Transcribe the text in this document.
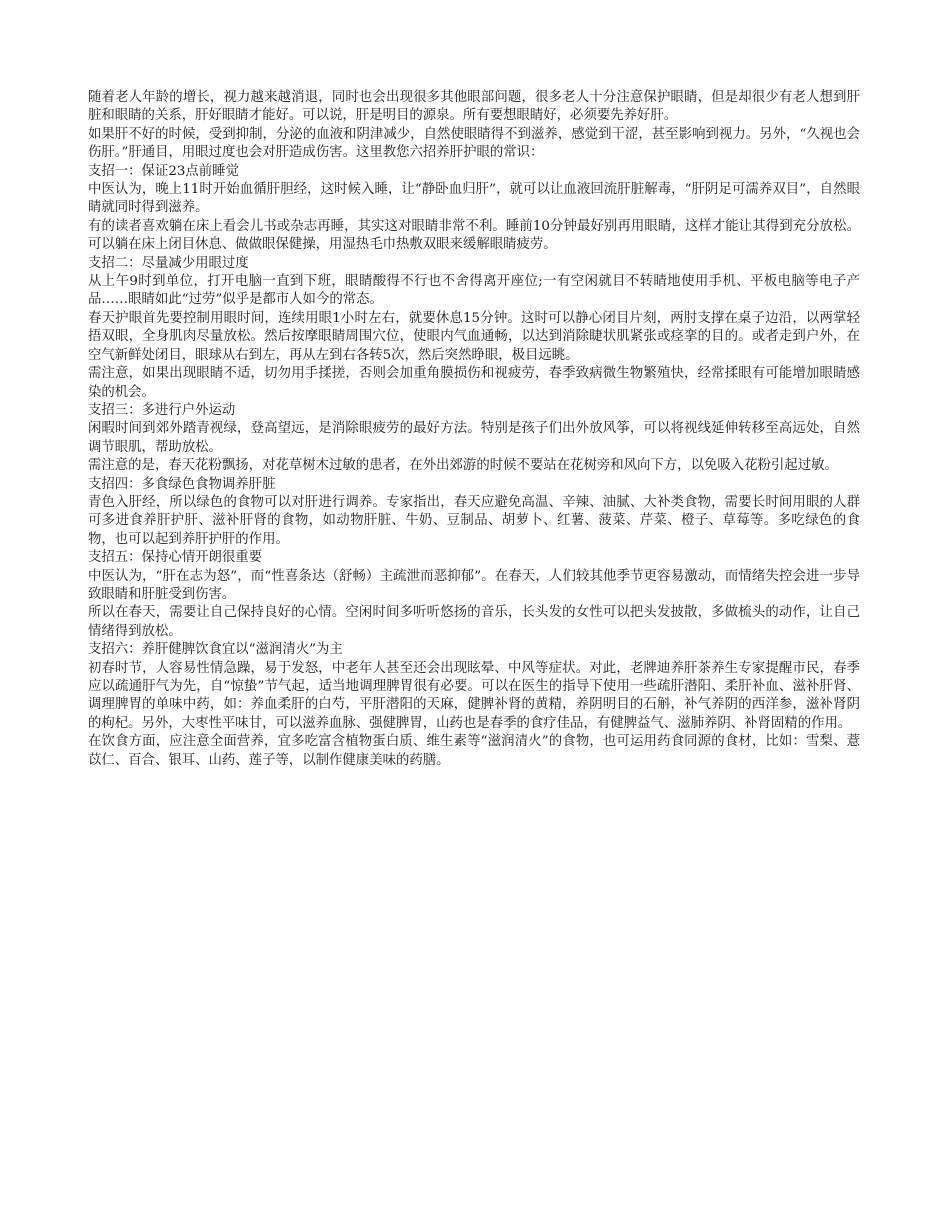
随着老人年龄的增长，视力越来越消退，同时也会出现很多其他眼部问题，很多老人十分注意保护眼睛，但是却很少有老人想到肝脏和眼睛的关系，肝好眼睛才能好。可以说，肝是明目的源泉。所有要想眼睛好，必须要先养好肝。

如果肝不好的时候，受到抑制，分泌的血液和阴津减少，自然使眼睛得不到滋养，感觉到干涩，甚至影响到视力。另外，“久视也会伤肝。”肝通目，用眼过度也会对肝造成伤害。这里教您六招养肝护眼的常识：

支招一：保证23点前睡觉

中医认为，晚上11时开始血循肝胆经，这时候入睡，让“静卧血归肝”，就可以让血液回流肝脏解毒，“肝阴足可濡养双目”，自然眼睛就同时得到滋养。

有的读者喜欢躺在床上看会儿书或杂志再睡，其实这对眼睛非常不利。睡前10分钟最好别再用眼睛，这样才能让其得到充分放松。可以躺在床上闭目休息、做做眼保健操，用湿热毛巾热敷双眼来缓解眼睛疲劳。

支招二：尽量减少用眼过度

从上午9时到单位，打开电脑一直到下班，眼睛酸得不行也不舍得离开座位;一有空闲就目不转睛地使用手机、平板电脑等电子产品……眼睛如此“过劳”似乎是都市人如今的常态。

春天护眼首先要控制用眼时间，连续用眼1小时左右，就要休息15分钟。这时可以静心闭目片刻，两肘支撑在桌子边沿，以两掌轻捂双眼，全身肌肉尽量放松。然后按摩眼睛周围穴位，使眼内气血通畅，以达到消除睫状肌紧张或痉挛的目的。或者走到户外，在空气新鲜处闭目，眼球从右到左，再从左到右各转5次，然后突然睁眼，极目远眺。

需注意，如果出现眼睛不适，切勿用手揉搓，否则会加重角膜损伤和视疲劳，春季致病微生物繁殖快，经常揉眼有可能增加眼睛感染的机会。

支招三：多进行户外运动

闲暇时间到郊外踏青视绿，登高望远，是消除眼疲劳的最好方法。特别是孩子们出外放风筝，可以将视线延伸转移至高远处，自然调节眼肌，帮助放松。

需注意的是，春天花粉飘扬，对花草树木过敏的患者，在外出郊游的时候不要站在花树旁和风向下方，以免吸入花粉引起过敏。

支招四：多食绿色食物调养肝脏

青色入肝经，所以绿色的食物可以对肝进行调养。专家指出，春天应避免高温、辛辣、油腻、大补类食物，需要长时间用眼的人群可多进食养肝护肝、滋补肝肾的食物，如动物肝脏、牛奶、豆制品、胡萝卜、红薯、菠菜、芹菜、橙子、草莓等。多吃绿色的食物，也可以起到养肝护肝的作用。

支招五：保持心情开朗很重要

中医认为，“肝在志为怒”，而“性喜条达（舒畅）主疏泄而恶抑郁”。在春天，人们较其他季节更容易激动，而情绪失控会进一步导致眼睛和肝脏受到伤害。

所以在春天，需要让自己保持良好的心情。空闲时间多听听悠扬的音乐，长头发的女性可以把头发披散，多做梳头的动作，让自己情绪得到放松。

支招六：养肝健脾饮食宜以“滋润清火”为主

初春时节，人容易性情急躁，易于发怒，中老年人甚至还会出现眩晕、中风等症状。对此，老牌迪养肝茶养生专家提醒市民，春季应以疏通肝气为先，自“惊蛰”节气起，适当地调理脾胃很有必要。可以在医生的指导下使用一些疏肝潜阳、柔肝补血、滋补肝肾、调理脾胃的单味中药，如：养血柔肝的白芍，平肝潜阳的天麻，健脾补肾的黄精，养阴明目的石斛，补气养阴的西洋参，滋补肾阴的枸杞。另外，大枣性平味甘，可以滋养血脉、强健脾胃，山药也是春季的食疗佳品，有健脾益气、滋肺养阴、补肾固精的作用。

在饮食方面，应注意全面营养，宜多吃富含植物蛋白质、维生素等“滋润清火”的食物，也可运用药食同源的食材，比如：雪梨、薏苡仁、百合、银耳、山药、莲子等，以制作健康美味的药膳。
